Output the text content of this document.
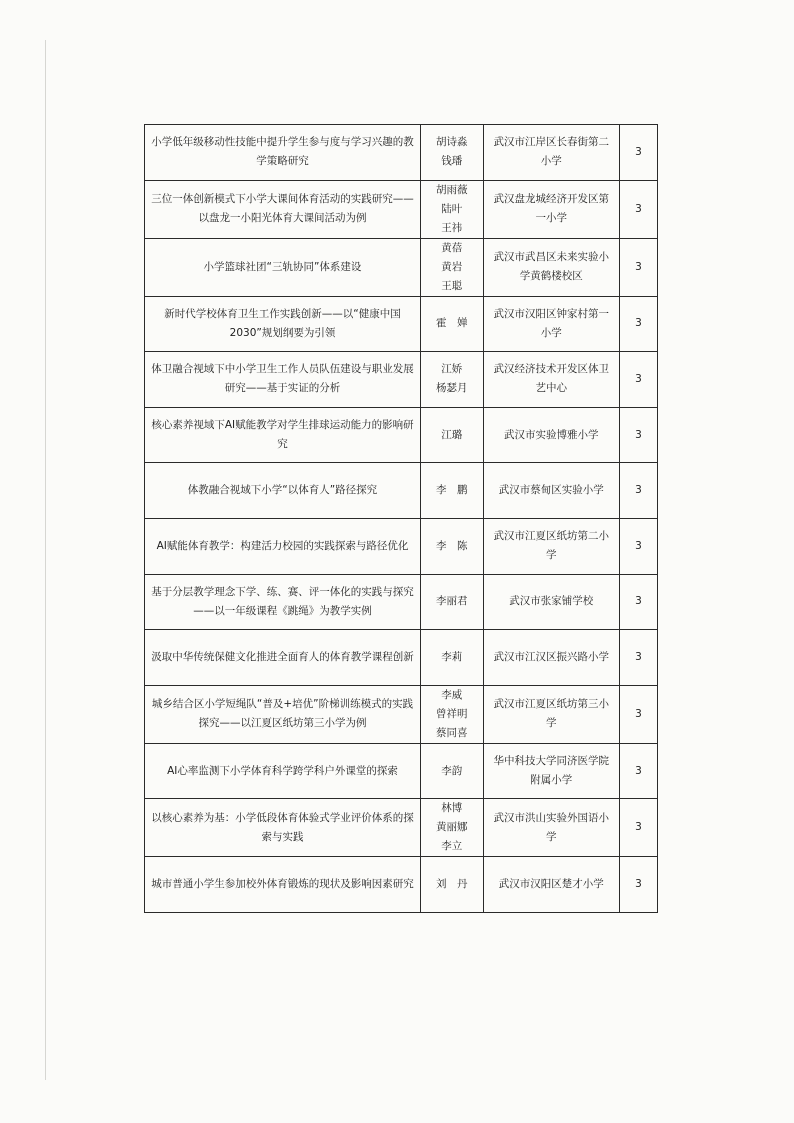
小学低年级移动性技能中提升学生参与度与学习兴趣的教学策略研究	胡诗淼
钱璠	武汉市江岸区长春街第二小学	3
三位一体创新模式下小学大课间体育活动的实践研究——以盘龙一小阳光体育大课间活动为例	胡雨薇
陆叶
王祎	武汉盘龙城经济开发区第一小学	3
小学篮球社团“三轨协同”体系建设	黄蓓
黄岩
王聪	武汉市武昌区未来实验小学黄鹤楼校区	3
新时代学校体育卫生工作实践创新——以“健康中国2030”规划纲要为引领	霍　婵	武汉市汉阳区钟家村第一小学	3
体卫融合视域下中小学卫生工作人员队伍建设与职业发展研究——基于实证的分析	江娇
杨瑟月	武汉经济技术开发区体卫艺中心	3
核心素养视域下AI赋能教学对学生排球运动能力的影响研究	江璐	武汉市实验博雅小学	3
体教融合视域下小学“以体育人”路径探究	李　鹏	武汉市蔡甸区实验小学	3
AI赋能体育教学：构建活力校园的实践探索与路径优化	李　陈	武汉市江夏区纸坊第二小学	3
基于分层教学理念下学、练、赛、评一体化的实践与探究——以一年级课程《跳绳》为教学实例	李丽君	武汉市张家铺学校	3
汲取中华传统保健文化推进全面育人的体育教学课程创新	李莉	武汉市江汉区振兴路小学	3
城乡结合区小学短绳队“普及+培优”阶梯训练模式的实践探究——以江夏区纸坊第三小学为例	李威
曾祥明
蔡同喜	武汉市江夏区纸坊第三小学	3
AI心率监测下小学体育科学跨学科户外课堂的探索	李韵	华中科技大学同济医学院附属小学	3
以核心素养为基：小学低段体育体验式学业评价体系的探索与实践	林博
黄丽娜
李立	武汉市洪山实验外国语小学	3
城市普通小学生参加校外体育锻炼的现状及影响因素研究	刘　丹	武汉市汉阳区楚才小学	3
